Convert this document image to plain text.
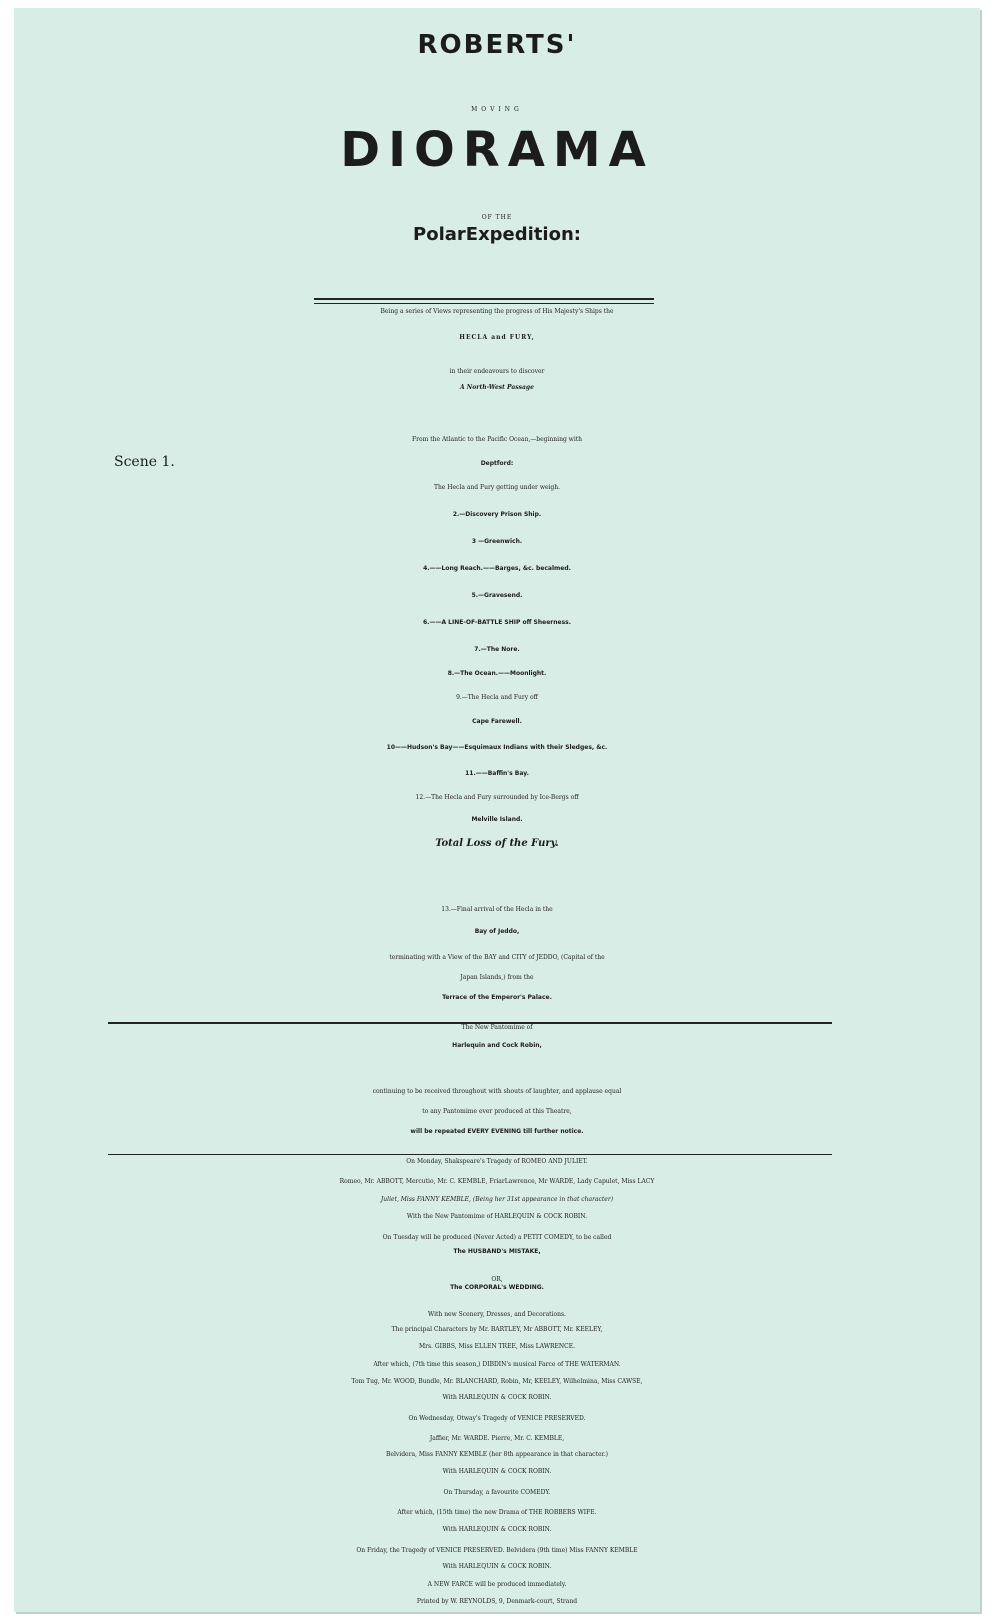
ROBERTS'
MOVING
DIORAMA
OF THE
PolarExpedition:
Being a series of Views representing the progress of His Majesty's Ships the
HECLA and FURY,
in their endeavours to discover
A North-West Passage
From the Atlantic to the Pacific Ocean,—beginning with
Scene 1.	Deptford:
The Hecla and Fury getting under weigh.
2.—Discovery Prison Ship.
3 —Greenwich.
4.——Long Reach.——Barges, &c. becalmed.
5.—Gravesend.
6.——A LINE-OF-BATTLE SHIP off Sheerness.
7.—The Nore.
8.—The Ocean.——Moonlight.
9.—The Hecla and Fury off
Cape Farewell.
10——Hudson's Bay——Esquimaux Indians with their Sledges, &c.
11.——Baffin's Bay.
12.—The Hecla and Fury surrounded by Ice-Bergs off
Melville Island.
Total Loss of the Fury.
13.—Final arrival of the Hecla in the
Bay of Jeddo,
terminating with a View of the BAY and CITY of JEDDO, (Capital of the
Japan Islands,) from the
Terrace of the Emperor's Palace.
The New Pantomime of
Harlequin and Cock Robin,
continuing to be received throughout with shouts of laughter, and applause equal
to any Pantomime ever produced at this Theatre,
will be repeated EVERY EVENING till further notice.
On Monday, Shakspeare's Tragedy of ROMEO AND JULIET.
Romeo, Mr. ABBOTT, Mercutio, Mr. C. KEMBLE, FriarLawrence, Mr WARDE, Lady Capulet, Miss LACY
Juliet, Miss FANNY KEMBLE, (Being her 31st appearance in that character)
With the New Pantomime of HARLEQUIN & COCK ROBIN.
On Tuesday will be produced (Never Acted) a PETIT COMEDY, to be called
The HUSBAND's MISTAKE,
OR,
The CORPORAL's WEDDING.
With new Scenery, Dresses, and Decorations.
The principal Characters by Mr. BARTLEY, Mr ABBOTT, Mr. KEELEY,
Mrs. GIBBS, Miss ELLEN TREE, Miss LAWRENCE.
After which, (7th time this season,) DIBDIN's musical Farce of THE WATERMAN.
Tom Tug, Mr. WOOD, Bundle, Mr. BLANCHARD, Robin, Mr, KEELEY, Wilhelmina, Miss CAWSE,
With HARLEQUIN & COCK ROBIN.
On Wednesday, Otway's Tragedy of VENICE PRESERVED.
Jaffier, Mr. WARDE. Pierre, Mr. C. KEMBLE,
Belvidera, Miss FANNY KEMBLE (her 8th appearance in that character.)
With HARLEQUIN & COCK ROBIN.
On Thursday, a favourite COMEDY.
After which, (15th time) the new Drama of THE ROBBERS WIFE.
With HARLEQUIN & COCK ROBIN.
On Friday, the Tragedy of VENICE PRESERVED. Belvidera (9th time) Miss FANNY KEMBLE
With HARLEQUIN & COCK ROBIN.
A NEW FARCE will be produced immediately.
Printed by W. REYNOLDS, 9, Denmark-court, Strand
